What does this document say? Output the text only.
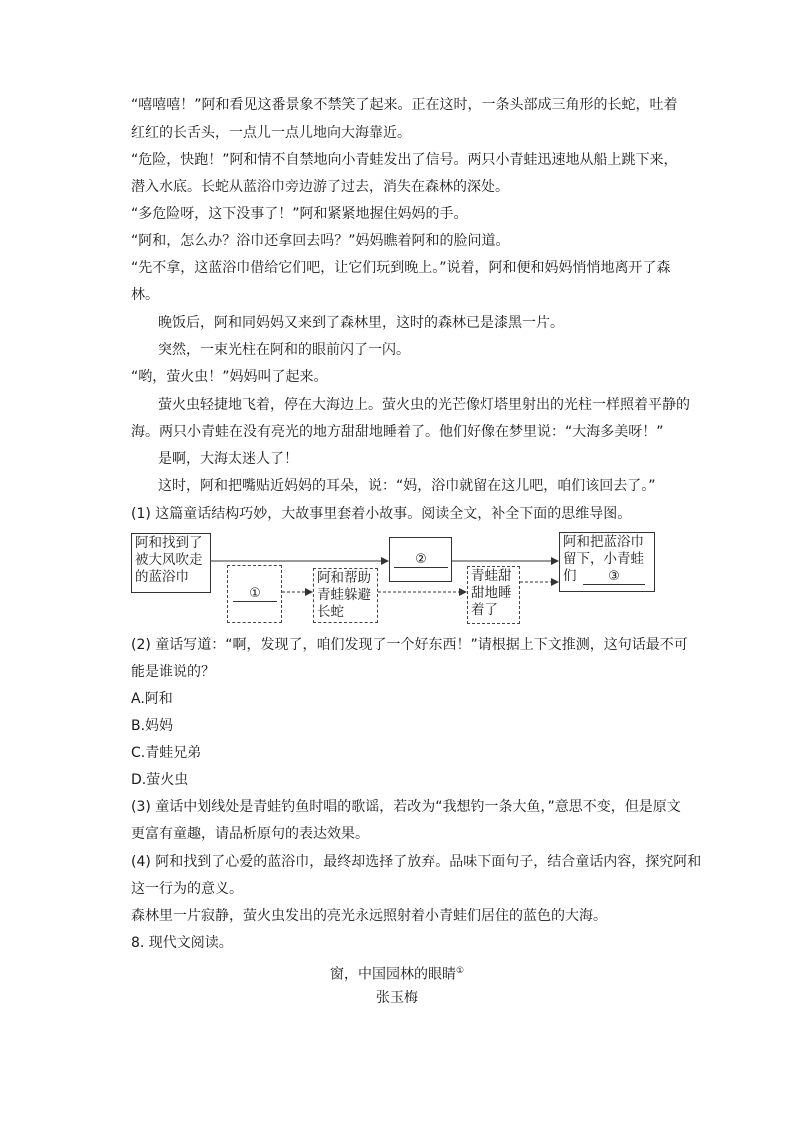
“嘻嘻嘻！”阿和看见这番景象不禁笑了起来。正在这时，一条头部成三角形的长蛇，吐着
红红的长舌头，一点儿一点儿地向大海靠近。
“危险，快跑！”阿和情不自禁地向小青蛙发出了信号。两只小青蛙迅速地从船上跳下来，
潜入水底。长蛇从蓝浴巾旁边游了过去，消失在森林的深处。
“多危险呀，这下没事了！”阿和紧紧地握住妈妈的手。
“阿和，怎么办？浴巾还拿回去吗？”妈妈瞧着阿和的脸问道。
“先不拿，这蓝浴巾借给它们吧，让它们玩到晚上。”说着，阿和便和妈妈悄悄地离开了森
林。
晚饭后，阿和同妈妈又来到了森林里，这时的森林已是漆黑一片。
突然，一束光柱在阿和的眼前闪了一闪。
“哟，萤火虫！”妈妈叫了起来。
萤火虫轻捷地飞着，停在大海边上。萤火虫的光芒像灯塔里射出的光柱一样照着平静的
海。两只小青蛙在没有亮光的地方甜甜地睡着了。他们好像在梦里说：“大海多美呀！”
是啊，大海太迷人了！
这时，阿和把嘴贴近妈妈的耳朵，说：“妈，浴巾就留在这儿吧，咱们该回去了。”
(1) 这篇童话结构巧妙，大故事里套着小故事。阅读全文，补全下面的思维导图。
阿和找到了
被大风吹走
的蓝浴巾
①
②
阿和帮助
青蛙躲避
长蛇
青蛙甜
甜地睡
着了
阿和把蓝浴巾
留下，小青蛙
们	③
(2) 童话写道：“啊，发现了，咱们发现了一个好东西！”请根据上下文推测，这句话最不可
能是谁说的？
A.阿和
B.妈妈
C.青蛙兄弟
D.萤火虫
(3) 童话中划线处是青蛙钓鱼时唱的歌谣，若改为“我想钓一条大鱼，”意思不变，但是原文
更富有童趣，请品析原句的表达效果。
(4) 阿和找到了心爱的蓝浴巾，最终却选择了放弃。品味下面句子，结合童话内容，探究阿和
这一行为的意义。
森林里一片寂静，萤火虫发出的亮光永远照射着小青蛙们居住的蓝色的大海。
8. 现代文阅读。
窗，中国园林的眼睛①
张玉梅
